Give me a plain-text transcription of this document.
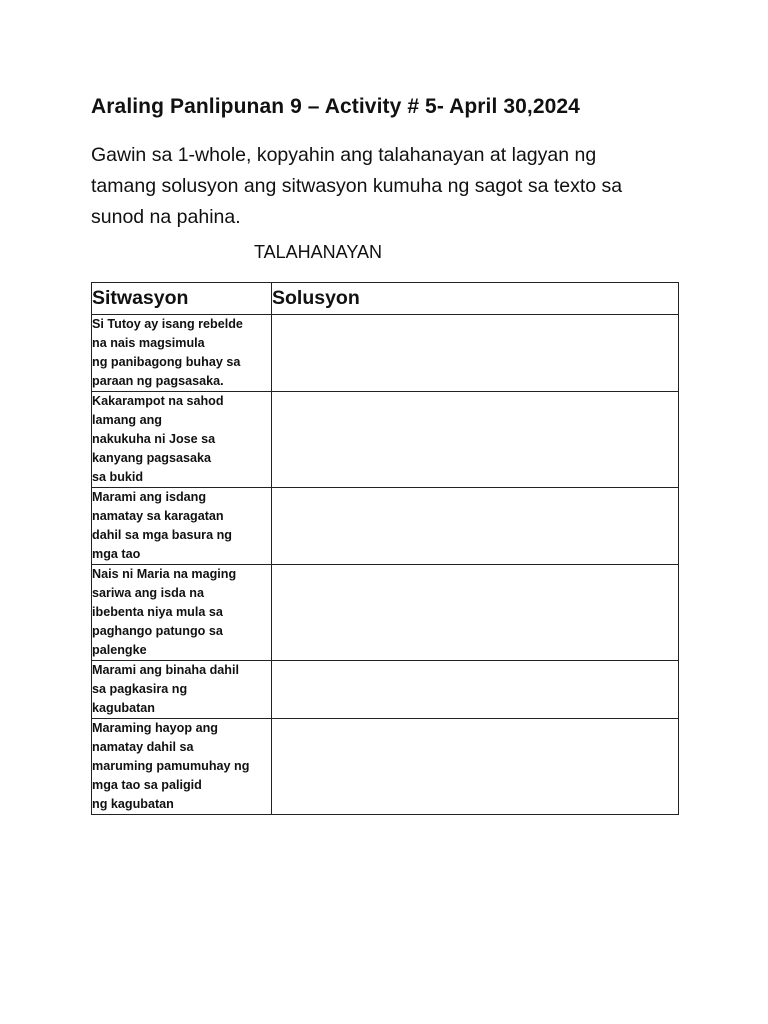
Araling Panlipunan 9 – Activity # 5- April 30,2024
Gawin sa 1-whole, kopyahin ang talahanayan at lagyan ng
tamang solusyon ang sitwasyon kumuha ng sagot sa texto sa
sunod na pahina.
TALAHANAYAN
Sitwasyon	Solusyon

Si Tutoy ay isang rebelde
na nais magsimula
ng panibagong buhay sa
paraan ng pagsasaka.	

Kakarampot na sahod
lamang ang
nakukuha ni Jose sa
kanyang pagsasaka
sa bukid	

Marami ang isdang
namatay sa karagatan
dahil sa mga basura ng
mga tao	

Nais ni Maria na maging
sariwa ang isda na
ibebenta niya mula sa
paghango patungo sa
palengke	

Marami ang binaha dahil
sa pagkasira ng
kagubatan	

Maraming hayop ang
namatay dahil sa
maruming pamumuhay ng
mga tao sa paligid
ng kagubatan	
